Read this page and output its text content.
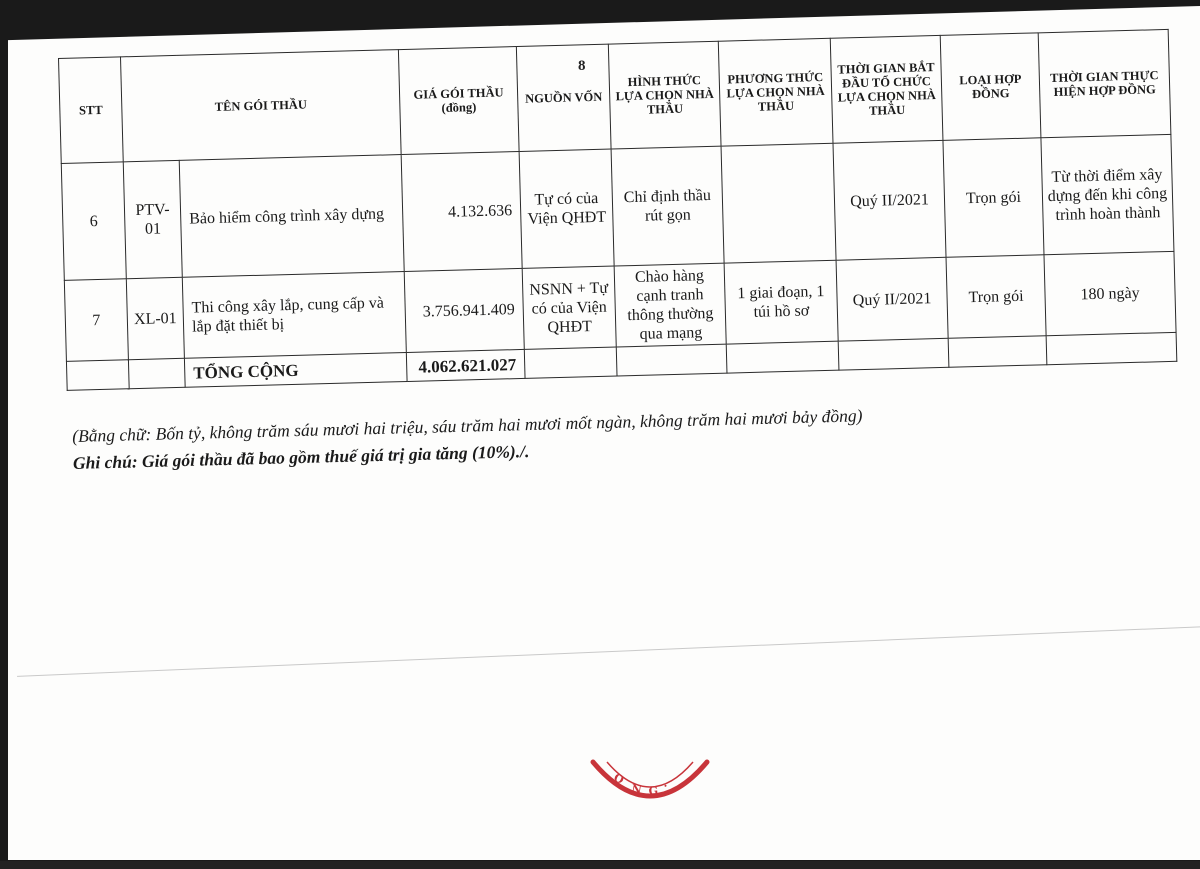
8
STT	TÊN GÓI THẦU		GIÁ GÓI THẦU (đồng)	NGUỒN VỐN	HÌNH THỨC LỰA CHỌN NHÀ THẦU	PHƯƠNG THỨC LỰA CHỌN NHÀ THẦU	THỜI GIAN BẮT ĐẦU TỔ CHỨC LỰA CHỌN NHÀ THẦU	LOẠI HỢP ĐỒNG	THỜI GIAN THỰC HIỆN HỢP ĐỒNG
6	PTV-01	Bảo hiểm công trình xây dựng	4.132.636	Tự có của Viện QHĐT	Chỉ định thầu rút gọn		Quý II/2021	Trọn gói	Từ thời điểm xây dựng đến khi công trình hoàn thành
7	XL-01	Thi công xây lắp, cung cấp và lắp đặt thiết bị	3.756.941.409	NSNN + Tự có của Viện QHĐT	Chào hàng cạnh tranh thông thường qua mạng	1 giai đoạn, 1 túi hồ sơ	Quý II/2021	Trọn gói	180 ngày
		TỔNG CỘNG	4.062.621.027						

(Bằng chữ: Bốn tỷ, không trăm sáu mươi hai triệu, sáu trăm hai mươi mốt ngàn, không trăm hai mươi bảy đồng)

Ghi chú: Giá gói thầu đã bao gồm thuế giá trị gia tăng (10%)./.

O
N G ·
